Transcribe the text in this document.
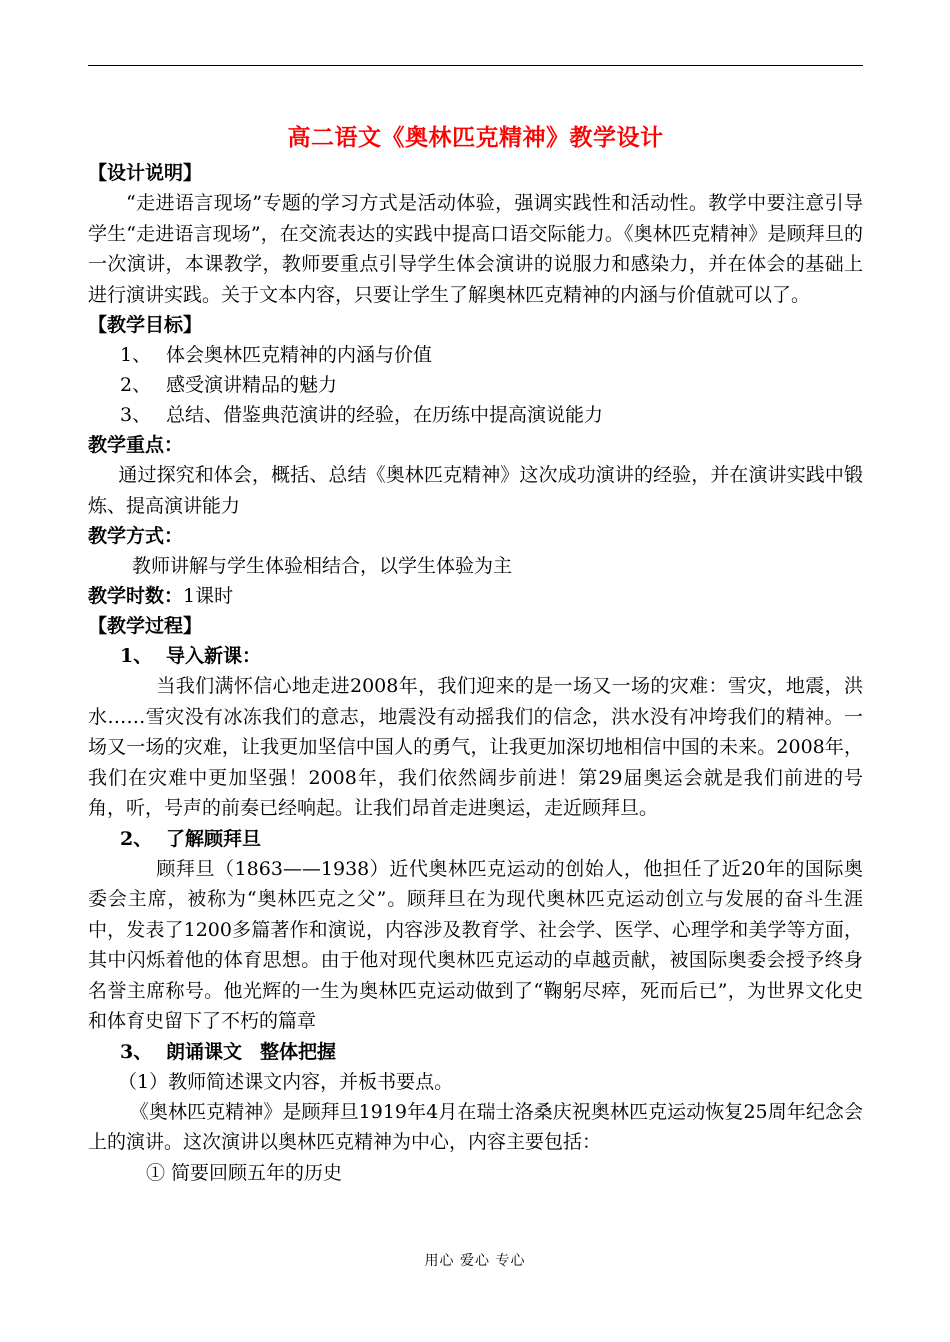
高二语文《奥林匹克精神》教学设计

【设计说明】

“走进语言现场”专题的学习方式是活动体验，强调实践性和活动性。教学中要注意引导学生“走进语言现场”，在交流表达的实践中提高口语交际能力。《奥林匹克精神》是顾拜旦的一次演讲，本课教学，教师要重点引导学生体会演讲的说服力和感染力，并在体会的基础上进行演讲实践。关于文本内容，只要让学生了解奥林匹克精神的内涵与价值就可以了。

【教学目标】

1、 体会奥林匹克精神的内涵与价值

2、 感受演讲精品的魅力

3、 总结、借鉴典范演讲的经验，在历练中提高演说能力

教学重点：

通过探究和体会，概括、总结《奥林匹克精神》这次成功演讲的经验，并在演讲实践中锻炼、提高演讲能力

教学方式：

教师讲解与学生体验相结合，以学生体验为主

教学时数：1课时

【教学过程】

1、 导入新课：

当我们满怀信心地走进2008年，我们迎来的是一场又一场的灾难：雪灾，地震，洪水……雪灾没有冰冻我们的意志，地震没有动摇我们的信念，洪水没有冲垮我们的精神。一场又一场的灾难，让我更加坚信中国人的勇气，让我更加深切地相信中国的未来。2008年，我们在灾难中更加坚强！2008年，我们依然阔步前进！第29届奥运会就是我们前进的号角，听，号声的前奏已经响起。让我们昂首走进奥运，走近顾拜旦。

2、 了解顾拜旦

顾拜旦（1863——1938）近代奥林匹克运动的创始人，他担任了近20年的国际奥委会主席，被称为“奥林匹克之父”。顾拜旦在为现代奥林匹克运动创立与发展的奋斗生涯中，发表了1200多篇著作和演说，内容涉及教育学、社会学、医学、心理学和美学等方面，其中闪烁着他的体育思想。由于他对现代奥林匹克运动的卓越贡献，被国际奥委会授予终身名誉主席称号。他光辉的一生为奥林匹克运动做到了“鞠躬尽瘁，死而后已”，为世界文化史和体育史留下了不朽的篇章

3、 朗诵课文 整体把握

（1）教师简述课文内容，并板书要点。

《奥林匹克精神》是顾拜旦1919年4月在瑞士洛桑庆祝奥林匹克运动恢复25周年纪念会上的演讲。这次演讲以奥林匹克精神为中心，内容主要包括：

① 简要回顾五年的历史

用心 爱心 专心
